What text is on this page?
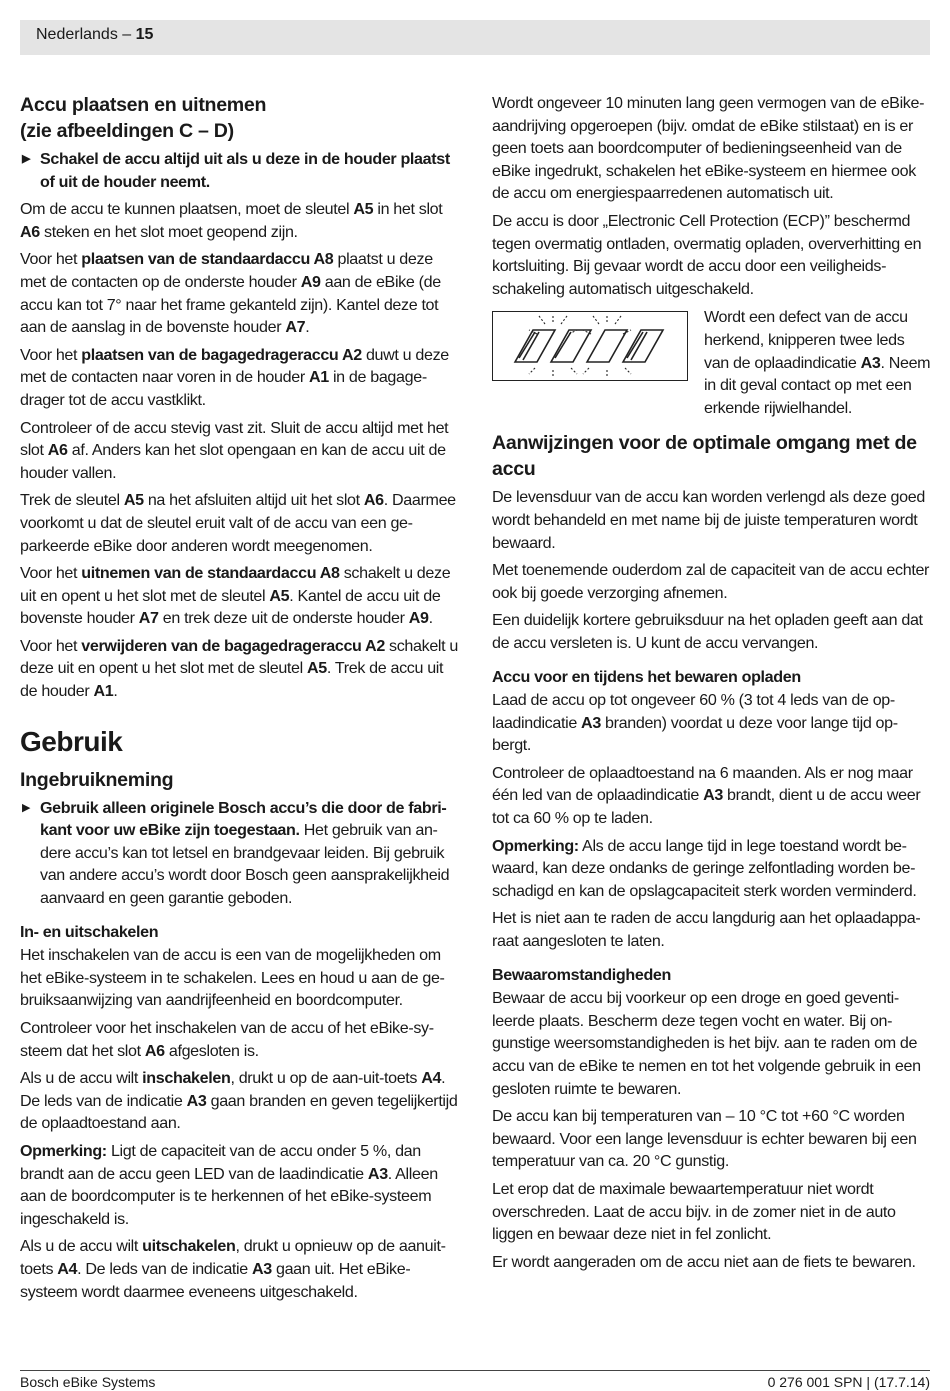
Nederlands – 15
Accu plaatsen en uitnemen
(zie afbeeldingen C – D)
▶ Schakel de accu altijd uit als u deze in de houder plaatst of uit de houder neemt.

Om de accu te kunnen plaatsen, moet de sleutel A5 in het slot A6 steken en het slot moet geopend zijn.

Voor het plaatsen van de standaardaccu A8 plaatst u deze met de contacten op de onderste houder A9 aan de eBike (de accu kan tot 7° naar het frame gekanteld zijn). Kantel deze tot aan de aanslag in de bovenste houder A7.

Voor het plaatsen van de bagagedrageraccu A2 duwt u deze met de contacten naar voren in de houder A1 in de bagagedrager tot de accu vastklikt.

Controleer of de accu stevig vast zit. Sluit de accu altijd met het slot A6 af. Anders kan het slot opengaan en kan de accu uit de houder vallen.

Trek de sleutel A5 na het afsluiten altijd uit het slot A6. Daarmee voorkomt u dat de sleutel eruit valt of de accu van een geparkeerde eBike door anderen wordt meegenomen.

Voor het uitnemen van de standaardaccu A8 schakelt u deze uit en opent u het slot met de sleutel A5. Kantel de accu uit de bovenste houder A7 en trek deze uit de onderste houder A9.

Voor het verwijderen van de bagagedrageraccu A2 schakelt u deze uit en opent u het slot met de sleutel A5. Trek de accu uit de houder A1.

Gebruik
Ingebruikneming
▶ Gebruik alleen originele Bosch accu’s die door de fabrikant voor uw eBike zijn toegestaan. Het gebruik van andere accu’s kan tot letsel en brandgevaar leiden. Bij gebruik van andere accu’s wordt door Bosch geen aansprakelijkheid aanvaard en geen garantie geboden.
In- en uitschakelen

Het inschakelen van de accu is een van de mogelijkheden om het eBike-systeem in te schakelen. Lees en houd u aan de gebruiksaanwijzing van aandrijfeenheid en boordcomputer.

Controleer voor het inschakelen van de accu of het eBike-systeem dat het slot A6 afgesloten is.

Als u de accu wilt inschakelen, drukt u op de aan-uit-toets A4. De leds van de indicatie A3 gaan branden en geven tegelijkertijd de oplaadtoestand aan.

Opmerking: Ligt de capaciteit van de accu onder 5 %, dan brandt aan de accu geen LED van de laadindicatie A3. Alleen aan de boordcomputer is te herkennen of het eBike-systeem ingeschakeld is.

Als u de accu wilt uitschakelen, drukt u opnieuw op de aanuit-toets A4. De leds van de indicatie A3 gaan uit. Het eBike-systeem wordt daarmee eveneens uitgeschakeld.

Wordt ongeveer 10 minuten lang geen vermogen van de eBike-aandrijving opgeroepen (bijv. omdat de eBike stilstaat) en is er geen toets aan boordcomputer of bedieningseenheid van de eBike ingedrukt, schakelen het eBike-systeem en hiermee ook de accu om energiespaarredenen automatisch uit.

De accu is door „Electronic Cell Protection (ECP)” beschermd tegen overmatig ontladen, overmatig opladen, oververhitting en kortsluiting. Bij gevaar wordt de accu door een veiligheidsschakeling automatisch uitgeschakeld.

Wordt een defect van de accu herkend, knipperen twee leds van de oplaadindicatie A3. Neem in dit geval contact op met een erkende rijwielhandel.
Aanwijzingen voor de optimale omgang met de accu

De levensduur van de accu kan worden verlengd als deze goed wordt behandeld en met name bij de juiste temperaturen wordt bewaard.

Met toenemende ouderdom zal de capaciteit van de accu echter ook bij goede verzorging afnemen.

Een duidelijk kortere gebruiksduur na het opladen geeft aan dat de accu versleten is. U kunt de accu vervangen.

Accu voor en tijdens het bewaren opladen

Laad de accu op tot ongeveer 60 % (3 tot 4 leds van de oplaadindicatie A3 branden) voordat u deze voor lange tijd opbergt.

Controleer de oplaadtoestand na 6 maanden. Als er nog maar één led van de oplaadindicatie A3 brandt, dient u de accu weer tot ca 60 % op te laden.

Opmerking: Als de accu lange tijd in lege toestand wordt bewaard, kan deze ondanks de geringe zelfontlading worden beschadigd en kan de opslagcapaciteit sterk worden verminderd.

Het is niet aan te raden de accu langdurig aan het oplaadapparaat aangesloten te laten.

Bewaaromstandigheden

Bewaar de accu bij voorkeur op een droge en goed geventileerde plaats. Bescherm deze tegen vocht en water. Bij ongunstige weersomstandigheden is het bijv. aan te raden om de accu van de eBike te nemen en tot het volgende gebruik in een gesloten ruimte te bewaren.

De accu kan bij temperaturen van – 10 °C tot +60 °C worden bewaard. Voor een lange levensduur is echter bewaren bij een temperatuur van ca. 20 °C gunstig.

Let erop dat de maximale bewaartemperatuur niet wordt overschreden. Laat de accu bijv. in de zomer niet in de auto liggen en bewaar deze niet in fel zonlicht.

Er wordt aangeraden om de accu niet aan de fiets te bewaren.

Bosch eBike Systems	0 276 001 SPN | (17.7.14)
